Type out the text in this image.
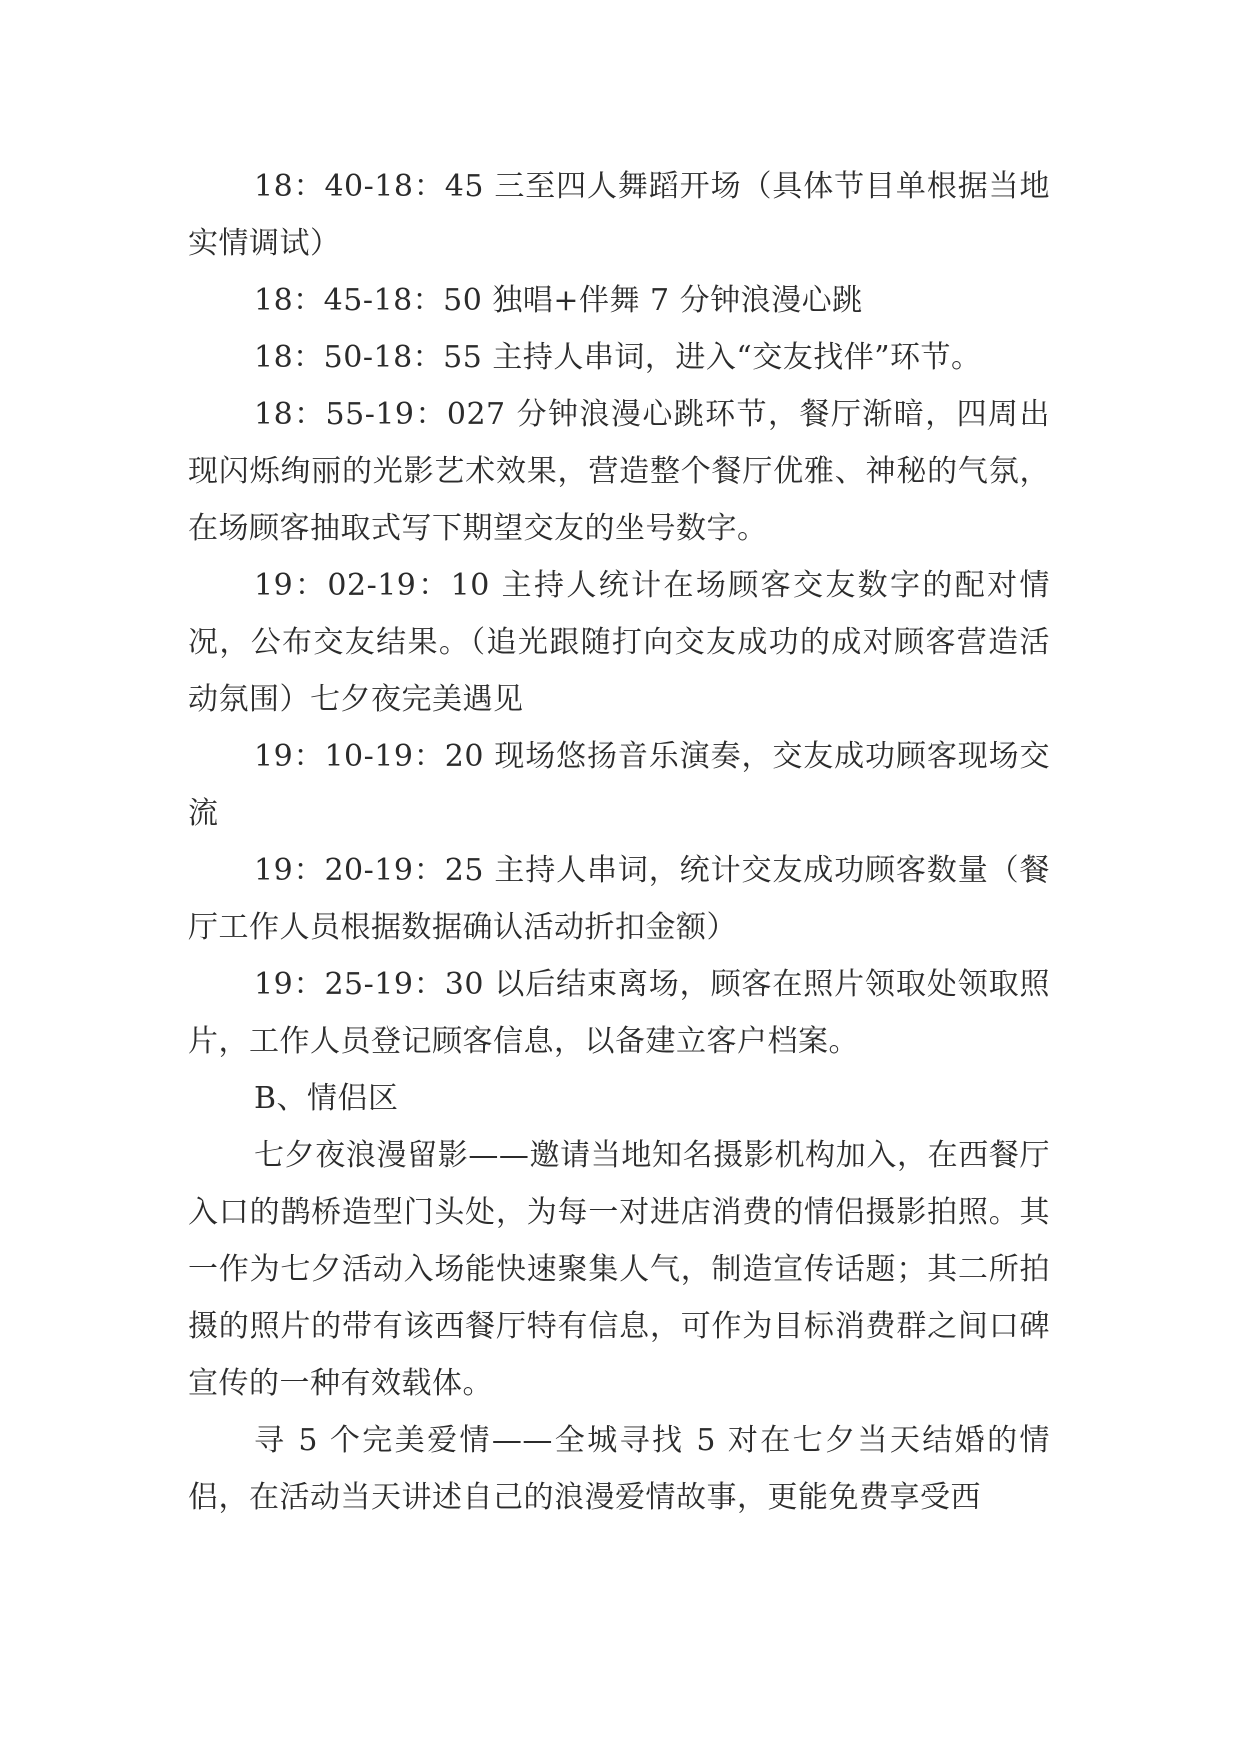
18：40-18：45 三至四人舞蹈开场（具体节目单根据当地实情调试）

18：45-18：50 独唱+伴舞 7 分钟浪漫心跳

18：50-18：55 主持人串词，进入“交友找伴”环节。

18：55-19：027 分钟浪漫心跳环节，餐厅渐暗，四周出现闪烁绚丽的光影艺术效果，营造整个餐厅优雅、神秘的气氛，在场顾客抽取式写下期望交友的坐号数字。

19：02-19：10 主持人统计在场顾客交友数字的配对情况，公布交友结果。（追光跟随打向交友成功的成对顾客营造活动氛围）七夕夜完美遇见

19：10-19：20 现场悠扬音乐演奏，交友成功顾客现场交流

19：20-19：25 主持人串词，统计交友成功顾客数量（餐厅工作人员根据数据确认活动折扣金额）

19：25-19：30 以后结束离场，顾客在照片领取处领取照片，工作人员登记顾客信息，以备建立客户档案。

B、情侣区

七夕夜浪漫留影——邀请当地知名摄影机构加入，在西餐厅入口的鹊桥造型门头处，为每一对进店消费的情侣摄影拍照。其一作为七夕活动入场能快速聚集人气，制造宣传话题；其二所拍摄的照片的带有该西餐厅特有信息，可作为目标消费群之间口碑宣传的一种有效载体。

寻 5 个完美爱情——全城寻找 5 对在七夕当天结婚的情侣，在活动当天讲述自己的浪漫爱情故事，更能免费享受西
